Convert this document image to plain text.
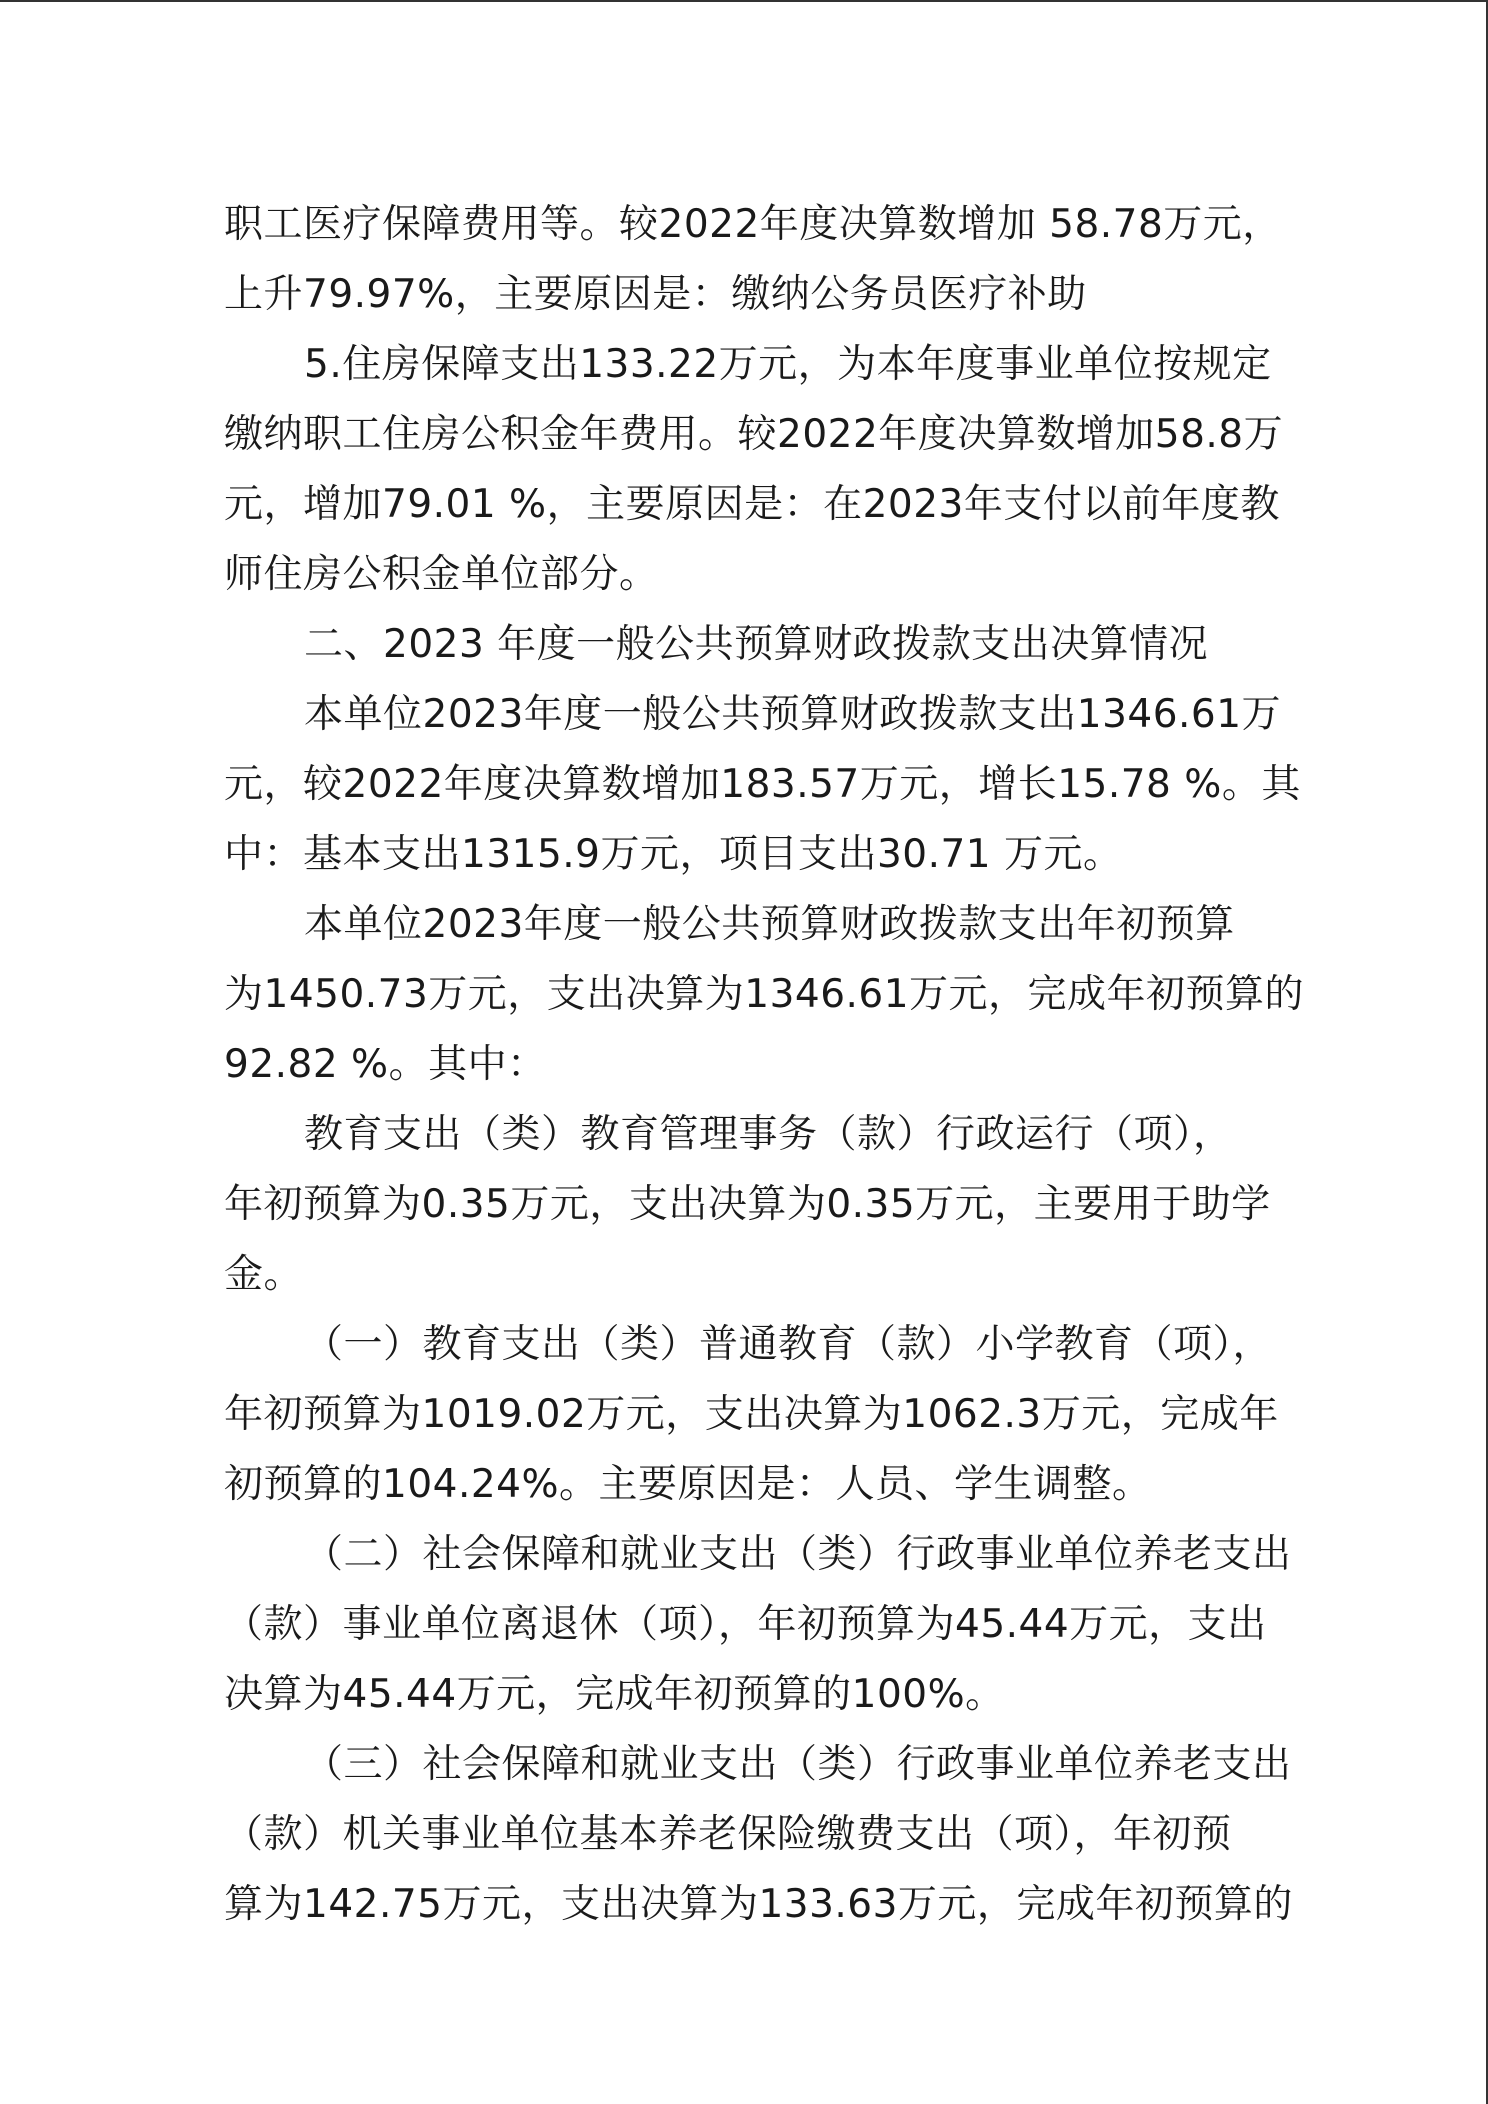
职工医疗保障费用等。较2022年度决算数增加 58.78万元，
上升79.97%，主要原因是：缴纳公务员医疗补助
5.住房保障支出133.22万元，为本年度事业单位按规定
缴纳职工住房公积金年费用。较2022年度决算数增加58.8万
元，增加79.01 %，主要原因是：在2023年支付以前年度教
师住房公积金单位部分。
二、2023 年度一般公共预算财政拨款支出决算情况
本单位2023年度一般公共预算财政拨款支出1346.61万
元，较2022年度决算数增加183.57万元，增长15.78 %。其
中：基本支出1315.9万元，项目支出30.71 万元。
本单位2023年度一般公共预算财政拨款支出年初预算
为1450.73万元，支出决算为1346.61万元，完成年初预算的
92.82 %。其中：
教育支出（类）教育管理事务（款）行政运行（项），
年初预算为0.35万元，支出决算为0.35万元，主要用于助学
金。
（一）教育支出（类）普通教育（款）小学教育（项），
年初预算为1019.02万元，支出决算为1062.3万元，完成年
初预算的104.24%。主要原因是：人员、学生调整。
（二）社会保障和就业支出（类）行政事业单位养老支出
（款）事业单位离退休（项），年初预算为45.44万元，支出
决算为45.44万元，完成年初预算的100%。
（三）社会保障和就业支出（类）行政事业单位养老支出
（款）机关事业单位基本养老保险缴费支出（项），年初预
算为142.75万元，支出决算为133.63万元，完成年初预算的
